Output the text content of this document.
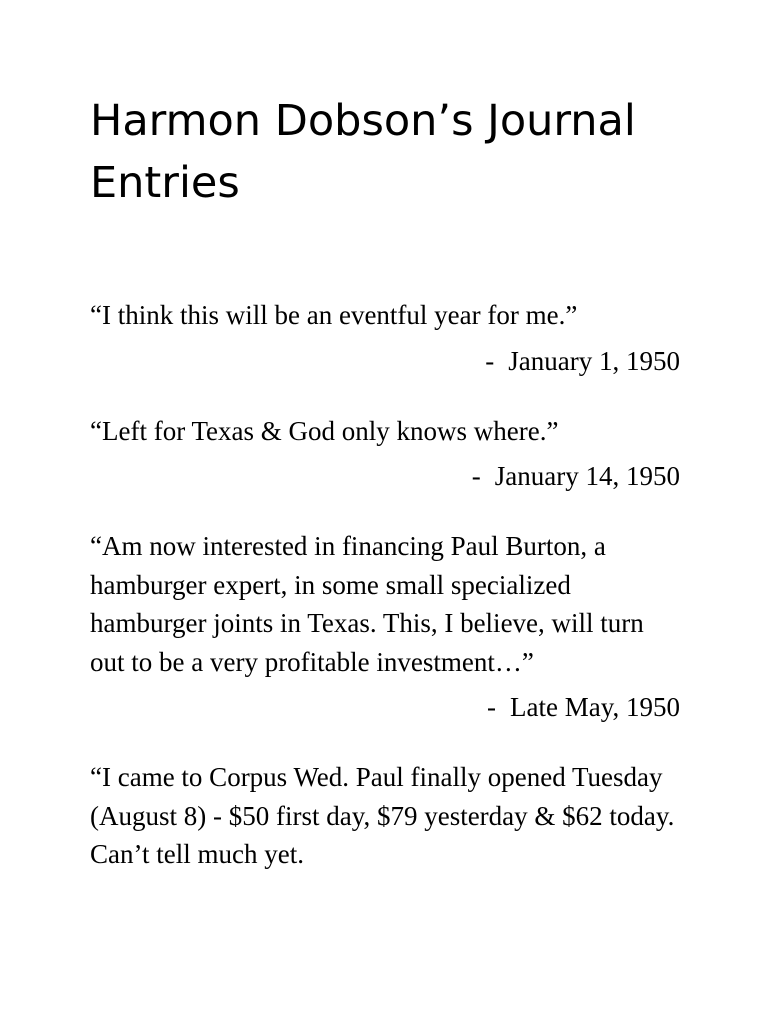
Harmon Dobson’s Journal Entries

“I think this will be an eventful year for me.”

- January 1, 1950

“Left for Texas & God only knows where.”

- January 14, 1950

“Am now interested in financing Paul Burton, a hamburger expert, in some small specialized hamburger joints in Texas. This, I believe, will turn out to be a very profitable investment…”

- Late May, 1950

“I came to Corpus Wed. Paul finally opened Tuesday (August 8) - $50 first day, $79 yesterday & $62 today. Can’t tell much yet.
